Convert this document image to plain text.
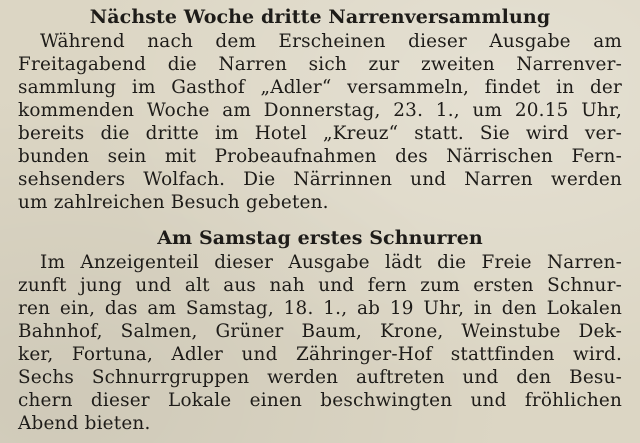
Nächste Woche dritte Narrenversammlung

Während nach dem Erscheinen dieser Ausgabe am
Freitagabend die Narren sich zur zweiten Narrenver-
sammlung im Gasthof „Adler“ versammeln, findet in der
kommenden Woche am Donnerstag, 23. 1., um 20.15 Uhr,
bereits die dritte im Hotel „Kreuz“ statt. Sie wird ver-
bunden sein mit Probeaufnahmen des Närrischen Fern-
sehsenders Wolfach. Die Närrinnen und Narren werden
um zahlreichen Besuch gebeten.

Am Samstag erstes Schnurren

Im Anzeigenteil dieser Ausgabe lädt die Freie Narren-
zunft jung und alt aus nah und fern zum ersten Schnur-
ren ein, das am Samstag, 18. 1., ab 19 Uhr, in den Lokalen
Bahnhof, Salmen, Grüner Baum, Krone, Weinstube Dek-
ker, Fortuna, Adler und Zähringer-Hof stattfinden wird.
Sechs Schnurrgruppen werden auftreten und den Besu-
chern dieser Lokale einen beschwingten und fröhlichen
Abend bieten.
